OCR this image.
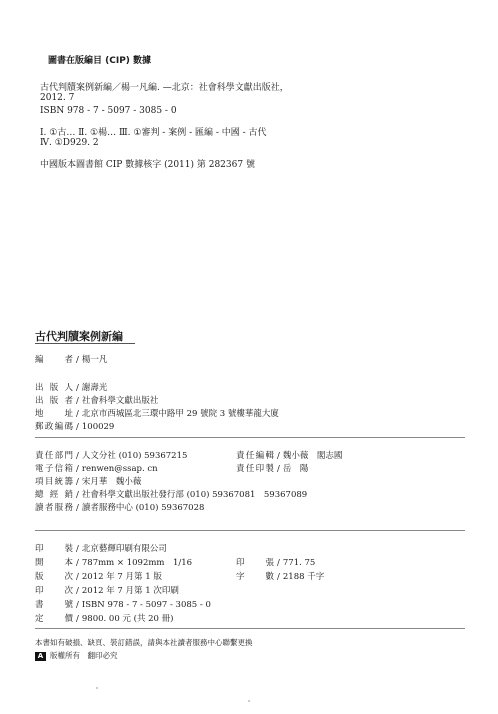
圖書在版編目 (CIP) 數據
古代判牘案例新編／楊一凡編. —北京：社會科學文獻出版社，
2012. 7
ISBN 978 - 7 - 5097 - 3085 - 0
Ⅰ. ①古… Ⅱ. ①楊… Ⅲ. ①審判 - 案例 - 匯編 - 中國 - 古代
Ⅳ. ①D929. 2
中國版本圖書館 CIP 數據核字 (2011) 第 282367 號
古代判牘案例新編
編　　者 / 楊一凡
出 版 人 / 謝壽光
出 版 者 / 社會科學文獻出版社
地　　址 / 北京市西城區北三環中路甲 29 號院 3 號樓華龍大廈
郵政編碼 / 100029
責任部門 / 人文分社 (010) 59367215
電子信箱 / renwen@ssap. cn
項目統籌 / 宋月華　魏小薇
總 經 銷 / 社會科學文獻出版社發行部 (010) 59367081　59367089
讀者服務 / 讀者服務中心 (010) 59367028
責任編輯 / 魏小薇　閣志國
責任印製 / 岳　陽
印　　裝 / 北京藝輝印刷有限公司
開　　本 / 787mm × 1092mm　1/16
版　　次 / 2012 年 7 月第 1 版
印　　次 / 2012 年 7 月第 1 次印刷
書　　號 / ISBN 978 - 7 - 5097 - 3085 - 0
定　　價 / 9800. 00 元 (共 20 冊)
印　　張 / 771. 75
字　　數 / 2188 千字
本書如有破損、缺頁、裝訂錯誤，請與本社讀者服務中心聯繫更換
A 版權所有　翻印必究
